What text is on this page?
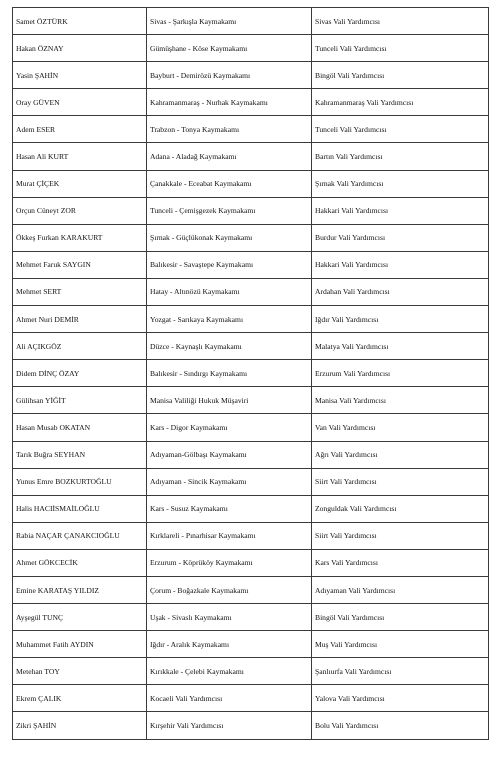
Samet ÖZTÜRK	Sivas - Şarkışla Kaymakamı	Sivas Vali Yardımcısı
Hakan ÖZNAY	Gümüşhane - Köse Kaymakamı	Tunceli Vali Yardımcısı
Yasin ŞAHİN	Bayburt - Demirözü Kaymakamı	Bingöl Vali Yardımcısı
Oray GÜVEN	Kahramanmaraş - Nurhak Kaymakamı	Kahramanmaraş Vali Yardımcısı
Adem ESER	Trabzon - Tonya Kaymakamı	Tunceli Vali Yardımcısı
Hasan Ali KURT	Adana - Aladağ Kaymakamı	Bartın Vali Yardımcısı
Murat ÇİÇEK	Çanakkale - Eceabat Kaymakamı	Şırnak Vali Yardımcısı
Orçun Cüneyt ZOR	Tunceli - Çemişgezek Kaymakamı	Hakkari Vali Yardımcısı
Ökkeş Furkan KARAKURT	Şırnak - Güçlükonak Kaymakamı	Burdur Vali Yardımcısı
Mehmet Faruk SAYGIN	Balıkesir - Savaştepe Kaymakamı	Hakkari Vali Yardımcısı
Mehmet SERT	Hatay - Altınözü Kaymakamı	Ardahan Vali Yardımcısı
Ahmet Nuri DEMİR	Yozgat - Sarıkaya Kaymakamı	Iğdır Vali Yardımcısı
Ali AÇIKGÖZ	Düzce - Kaynaşlı Kaymakamı	Malatya Vali Yardımcısı
Didem DİNÇ ÖZAY	Balıkesir - Sındırgı Kaymakamı	Erzurum Vali Yardımcısı
Gülihsan YİĞİT	Manisa Valiliği Hukuk Müşaviri	Manisa Vali Yardımcısı
Hasan Musab OKATAN	Kars - Digor Kaymakamı	Van Vali Yardımcısı
Tarık Buğra SEYHAN	Adıyaman-Gölbaşı Kaymakamı	Ağrı Vali Yardımcısı
Yunus Emre BOZKURTOĞLU	Adıyaman - Sincik Kaymakamı	Siirt Vali Yardımcısı
Halis HACIİSMAİLOĞLU	Kars - Susuz Kaymakamı	Zonguldak Vali Yardımcısı
Rabia NAÇAR ÇANAKCIOĞLU	Kırklareli - Pınarhisar Kaymakamı	Siirt Vali Yardımcısı
Ahmet GÖKCECİK	Erzurum - Köprüköy Kaymakamı	Kars Vali Yardımcısı
Emine KARATAŞ YILDIZ	Çorum - Boğazkale Kaymakamı	Adıyaman Vali Yardımcısı
Ayşegül TUNÇ	Uşak - Sivaslı Kaymakamı	Bingöl Vali Yardımcısı
Muhammet Fatih AYDIN	Iğdır - Aralık Kaymakamı	Muş Vali Yardımcısı
Metehan TOY	Kırıkkale - Çelebi Kaymakamı	Şanlıurfa Vali Yardımcısı
Ekrem ÇALIK	Kocaeli Vali Yardımcısı	Yalova Vali Yardımcısı
Zikri ŞAHİN	Kırşehir Vali Yardımcısı	Bolu Vali Yardımcısı
